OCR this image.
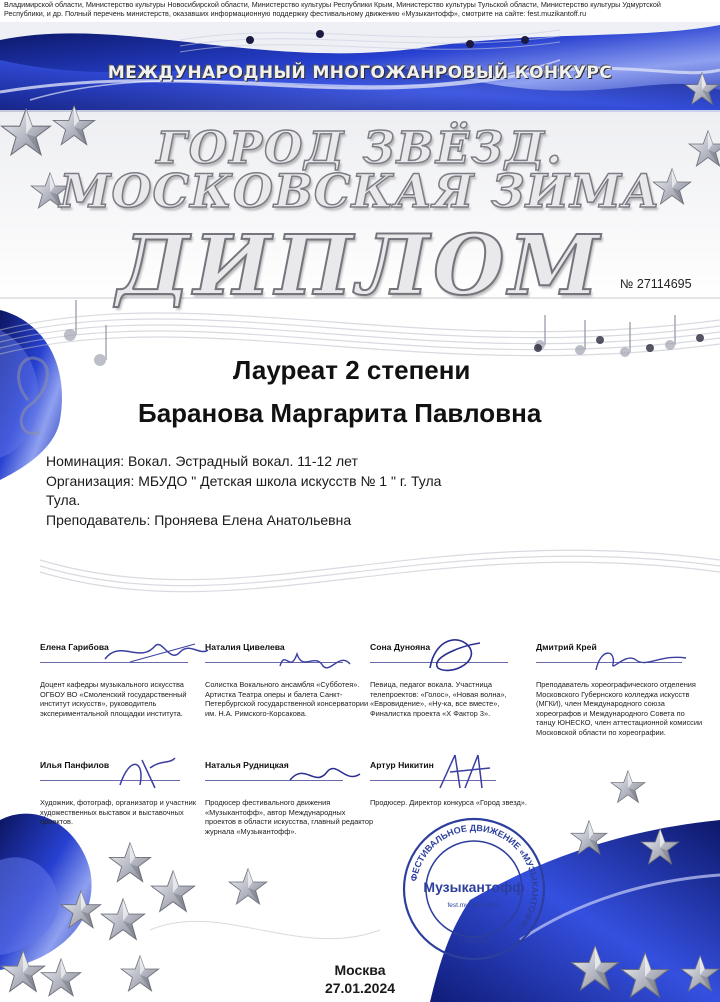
Владимирской области, Министерство культуры Новосибирской области, Министерство культуры Республики Крым, Министерство культуры Тульской области, Министерство культуры Удмуртской
Республики, и др. Полный перечень министерств, оказавших информационную поддержку фестивальному движению «Музыкантофф», смотрите на сайте: fest.muzikantoff.ru
МЕЖДУНАРОДНЫЙ МНОГОЖАНРОВЫЙ КОНКУРС
ГОРОД ЗВЁЗД.
МОСКОВСКАЯ ЗИМА
ДИПЛОМ	№ 27114695
Лауреат 2 степени
Баранова Маргарита Павловна
Номинация: Вокал. Эстрадный вокал. 11-12 лет
Организация: МБУДО " Детская школа искусств № 1 " г. Тула
Тула.
Преподаватель: Проняева Елена Анатольевна
Елена Гарибова
Доцент кафедры музыкального искусства ОГБОУ ВО «Смоленский государственный институт искусств», руководитель экспериментальной площадки института.
Наталия Цивелева
Солистка Вокального ансамбля «Субботея». Артистка Театра оперы и балета Санкт-Петербургской государственной консерватории им. Н.А. Римского-Корсакова.
Сона Дунояна
Певица, педагог вокала. Участница телепроектов: «Голос», «Новая волна», «Евровидение», «Ну-ка, все вместе», Финалистка проекта «Х Фактор 3».
Дмитрий Крей
Преподаватель хореографического отделения Московского Губернского колледжа искусств (МГКИ), член Международного союза хореографов и Международного Совета по танцу ЮНЕСКО, член аттестационной комиссии Московской области по хореографии.
Илья Панфилов
Художник, фотограф, организатор и участник художественных выставок и выставочных проектов.
Наталья Рудницкая
Продюсер фестивального движения «Музыкантофф», автор Международных проектов в области искусства, главный редактор журнала «Музыкантофф».
Артур Никитин
Продюсер. Директор конкурса «Город звезд».
ФЕСТИВАЛЬНОЕ ДВИЖЕНИЕ «МУЗЫКАНТОФФ»
Музыкантофф
fest.muzikantoff.ru
г. Москва
Москва
27.01.2024
